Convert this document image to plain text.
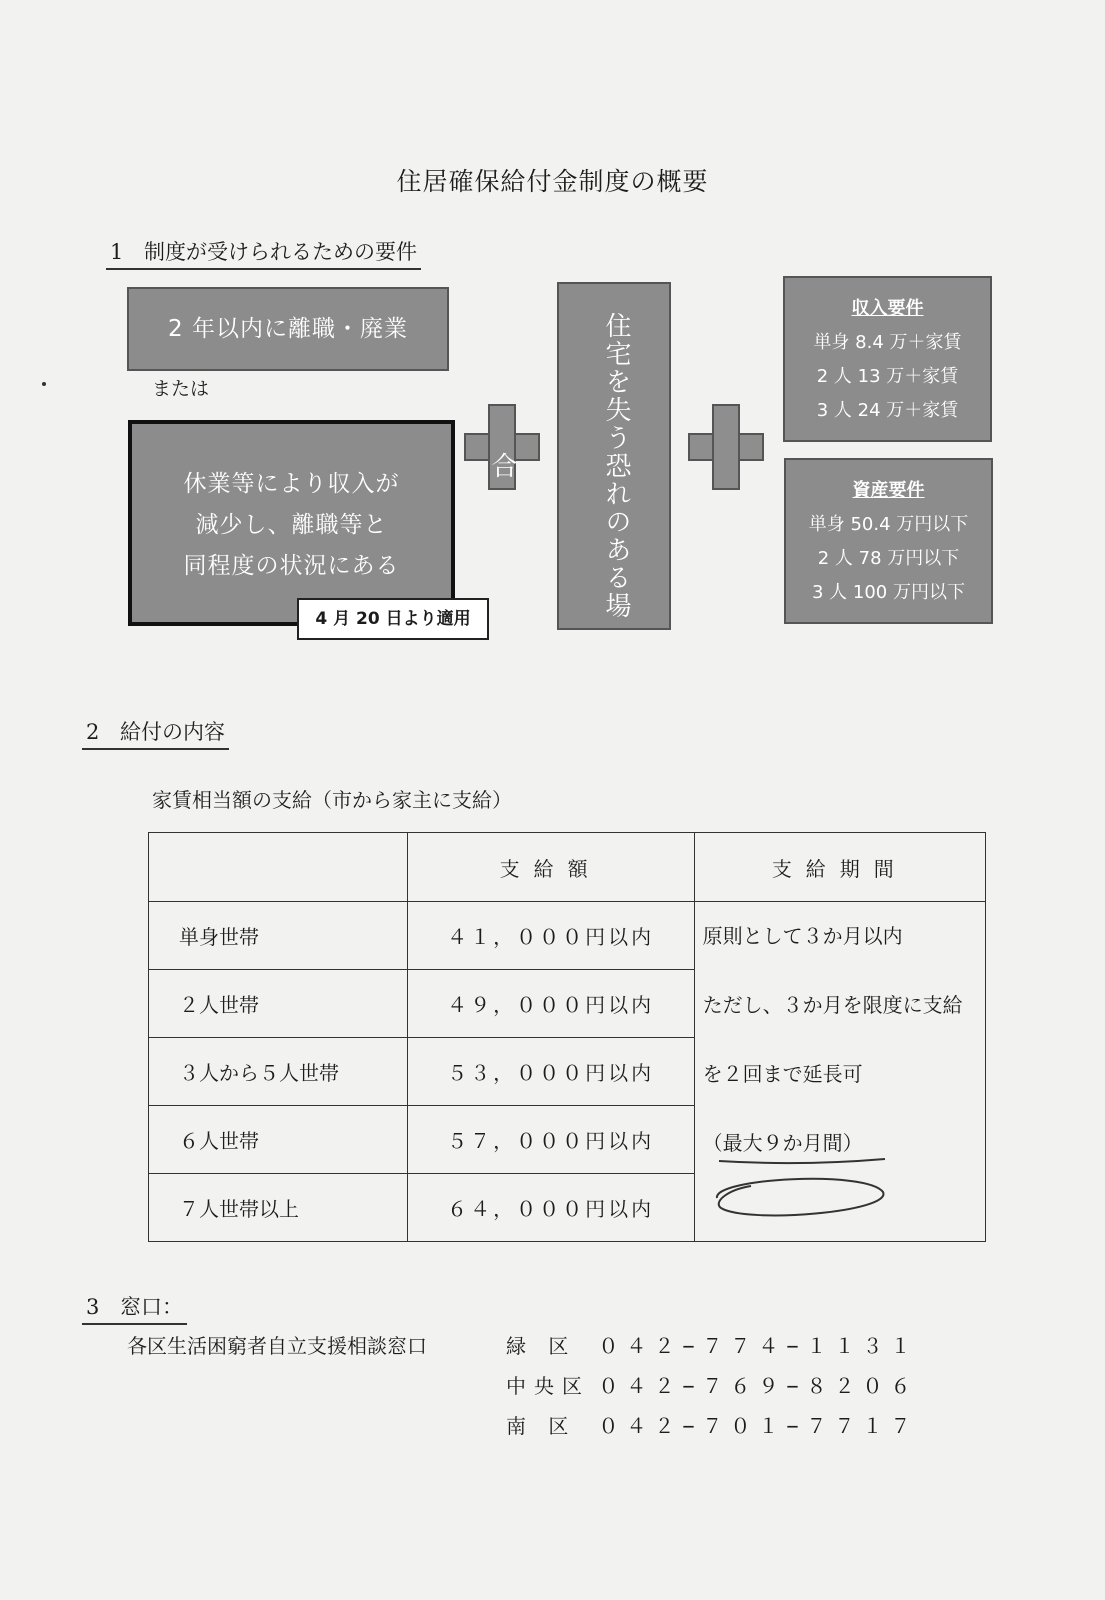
住居確保給付金制度の概要
1 制度が受けられるための要件
2 年以内に離職・廃業
または
休業等により収入が
減少し、離職等と
同程度の状況にある
4 月 20 日より適用	住宅を失う恐れのある場合
収入要件
単身 8.4 万＋家賃
2 人 13 万＋家賃
3 人 24 万＋家賃
資産要件
単身 50.4 万円以下
2 人 78 万円以下
3 人 100 万円以下
2 給付の内容
家賃相当額の支給（市から家主に支給）
	支給額	支給期間
単身世帯	４１，０００円以内	原則として３か月以内
ただし、３か月を限度に支給
を２回まで延長可
（最大９か月間）

２人世帯	４９，０００円以内	
３人から５人世帯	５３，０００円以内	
６人世帯	５７，０００円以内	
７人世帯以上	６４，０００円以内	
3 窓口：
各区生活困窮者自立支援相談窓口	緑 区 ０４２−７７４−１１３１
中央区 ０４２−７６９−８２０６
南 区 ０４２−７０１−７７１７
